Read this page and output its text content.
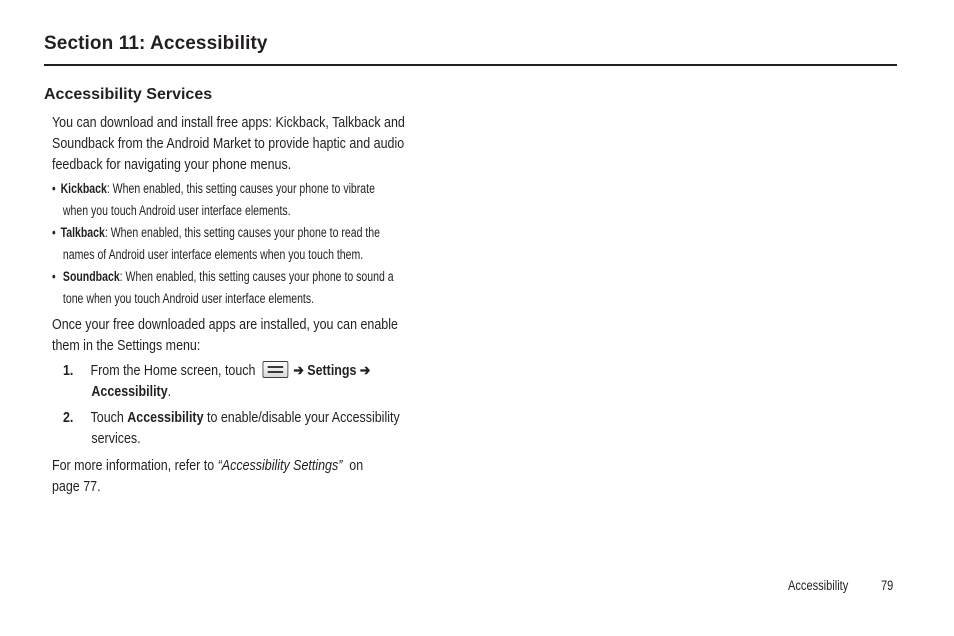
Section 11: Accessibility
Accessibility Services
You can download and install free apps: Kickback, Talkback and
Soundback from the Android Market to provide haptic and audio
feedback for navigating your phone menus.
• Kickback: When enabled, this setting causes your phone to vibrate
when you touch Android user interface elements.
• Talkback: When enabled, this setting causes your phone to read the
names of Android user interface elements when you touch them.
• Soundback: When enabled, this setting causes your phone to sound a
tone when you touch Android user interface elements.
Once your free downloaded apps are installed, you can enable
them in the Settings menu:
1. From the Home screen, touch	➔ Settings ➔
Accessibility.
2. Touch Accessibility to enable/disable your Accessibility
services.
For more information, refer to “Accessibility Settings” on
page 77.
Accessibility 79
